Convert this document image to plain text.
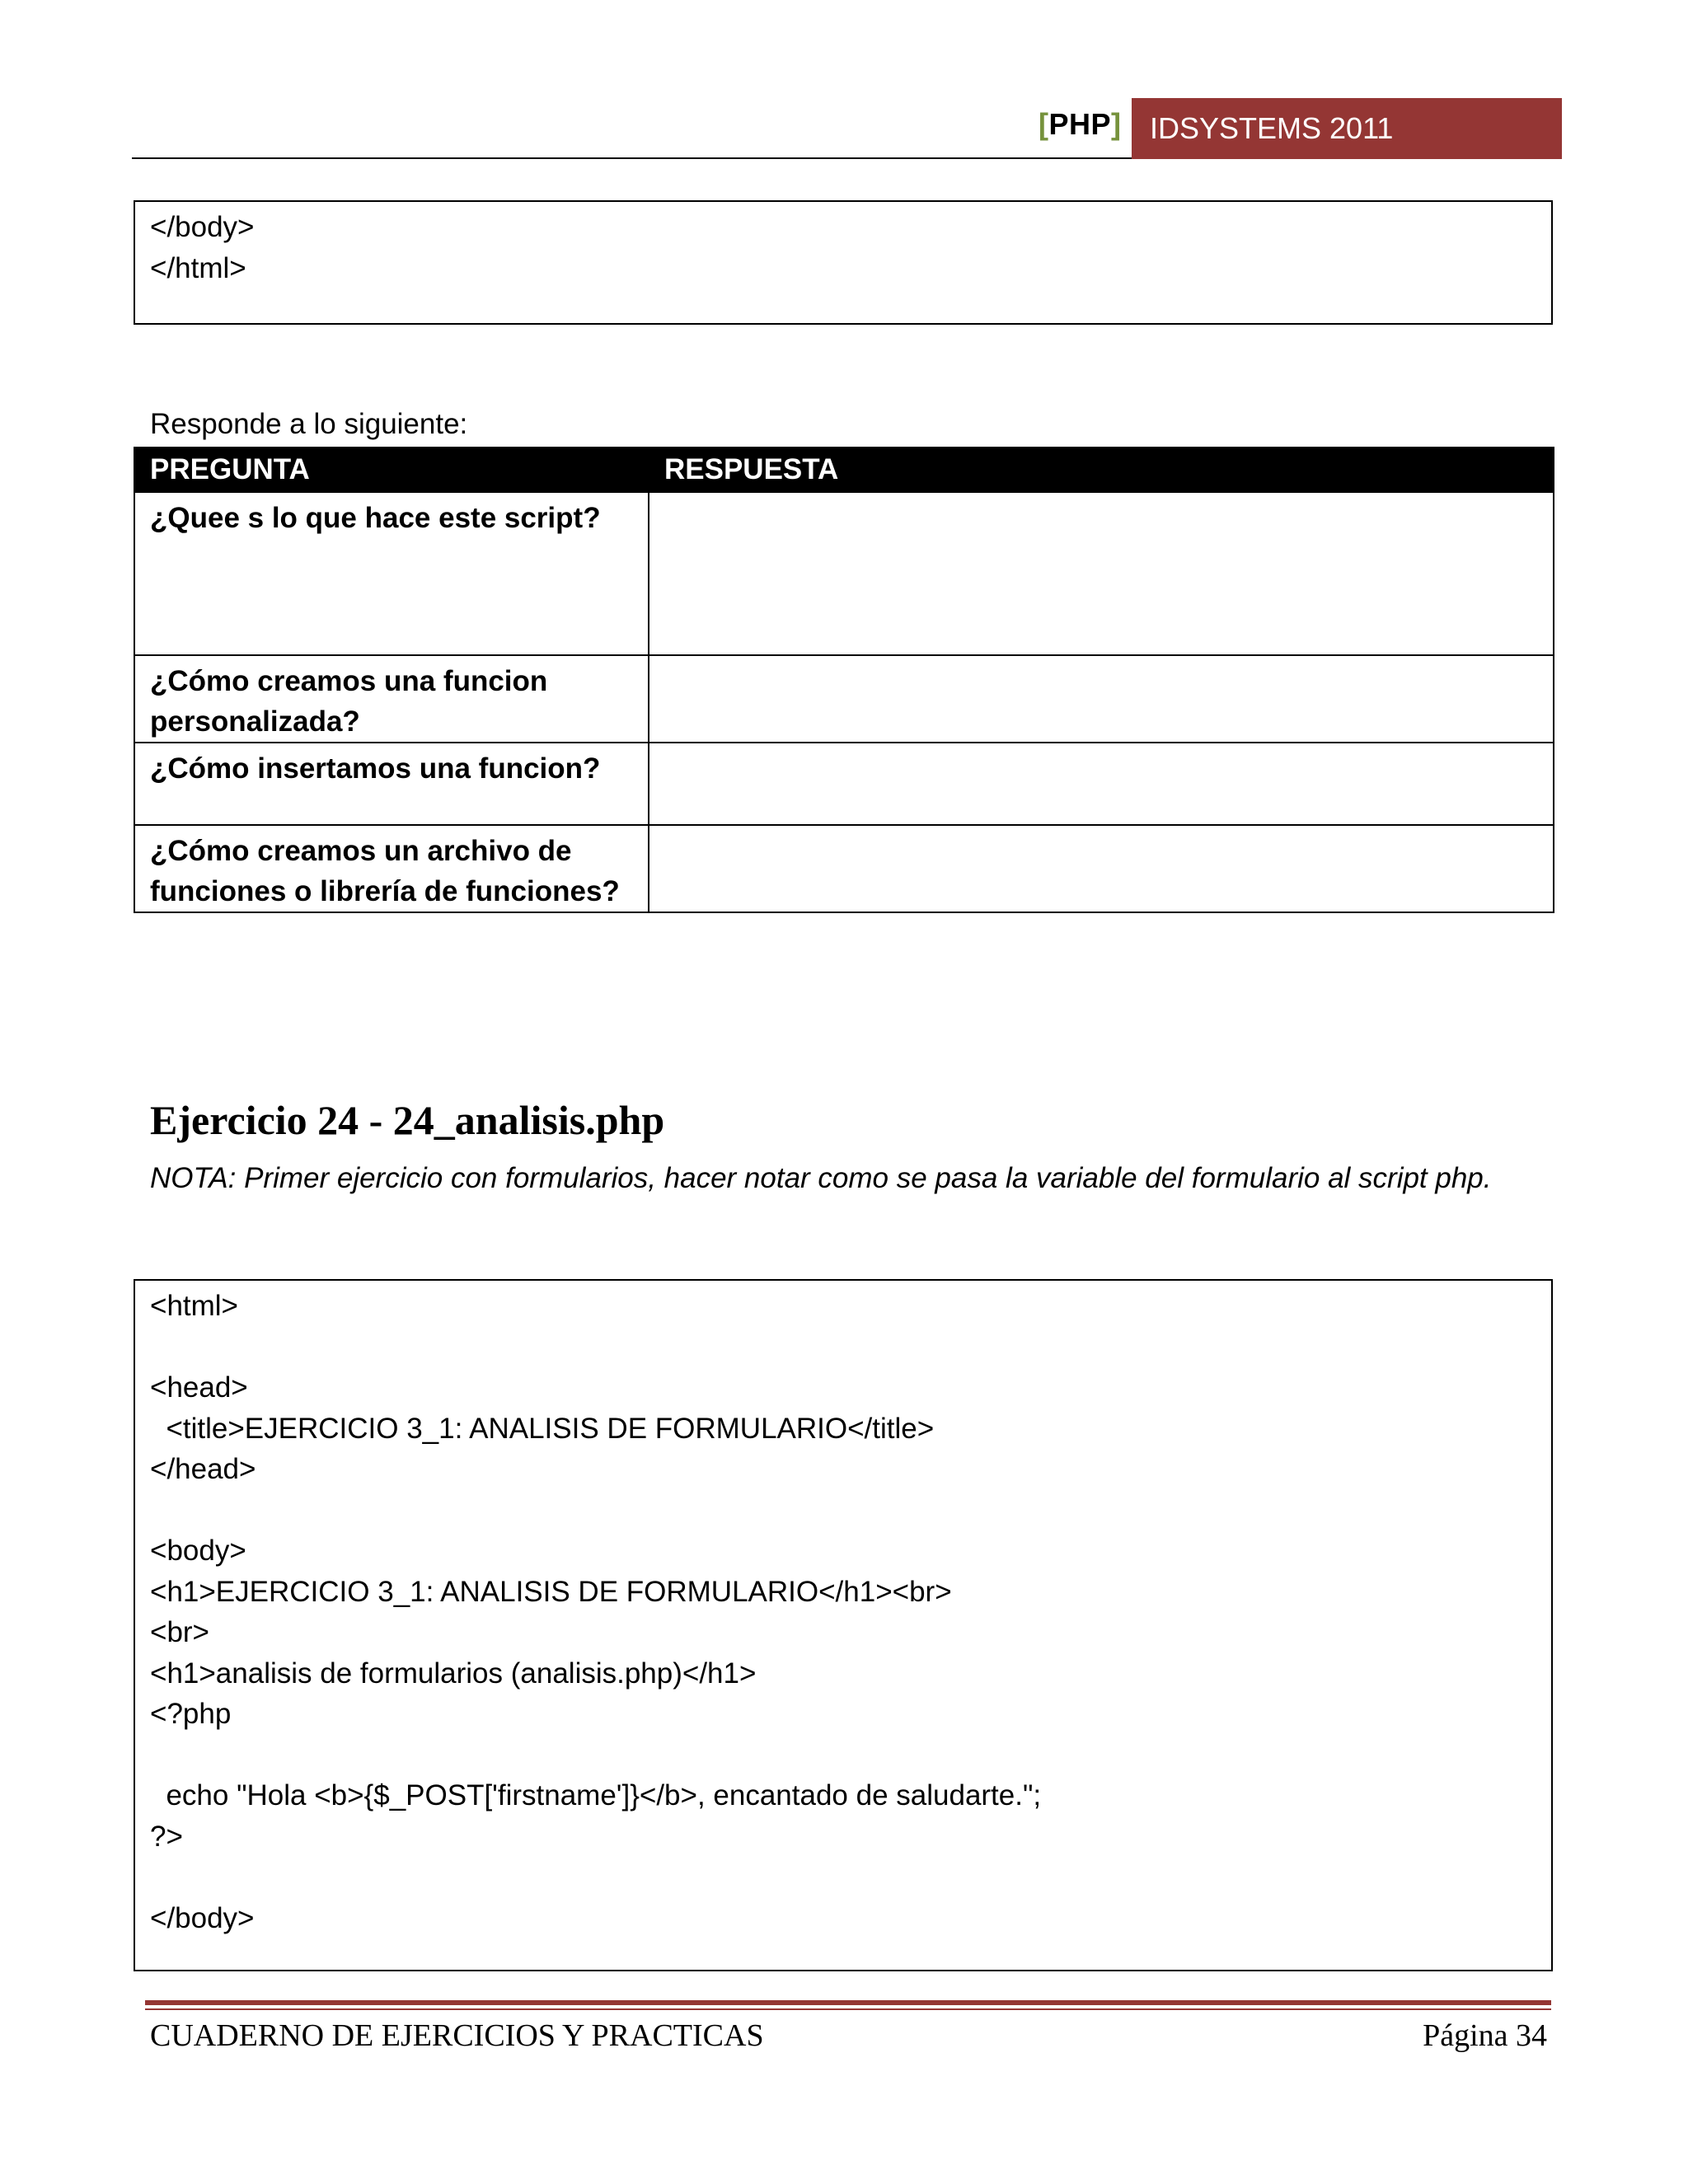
[PHP] IDSYSTEMS 2011
</body>
</html>
Responde a lo siguiente:
PREGUNTA	RESPUESTA
¿Quee s lo que hace este script?	
¿Cómo creamos una funcion personalizada?	
¿Cómo insertamos una funcion?	
¿Cómo creamos un archivo de funciones o librería de funciones?	
Ejercicio 24 - 24_analisis.php
NOTA: Primer ejercicio con formularios, hacer notar como se pasa la variable del formulario al script php.
<html>
<head>
<title>EJERCICIO 3_1: ANALISIS DE FORMULARIO</title>
</head>
<body>
<h1>EJERCICIO 3_1: ANALISIS DE FORMULARIO</h1><br>
<br>
<h1>analisis de formularios (analisis.php)</h1>
<?php
echo "Hola <b>{$_POST['firstname']}</b>, encantado de saludarte.";
?>
</body>
CUADERNO DE EJERCICIOS Y PRACTICAS	Página 34
